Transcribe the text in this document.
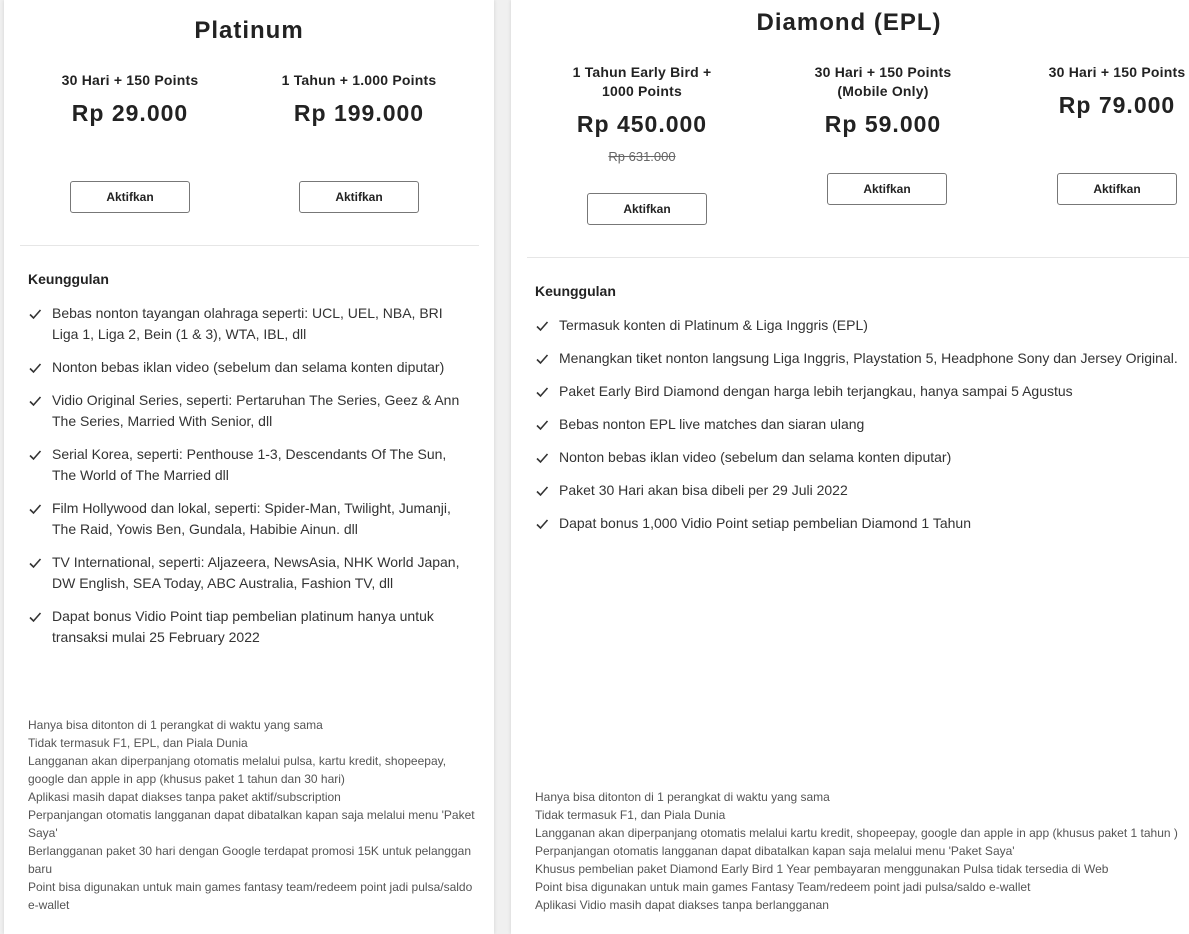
Platinum
30 Hari + 150 Points
Rp 29.000
Aktifkan
1 Tahun + 1.000 Points
Rp 199.000
Aktifkan
Keunggulan
Bebas nonton tayangan olahraga seperti: UCL, UEL, NBA, BRI Liga 1, Liga 2, Bein (1 & 3), WTA, IBL, dll
Nonton bebas iklan video (sebelum dan selama konten diputar)
Vidio Original Series, seperti: Pertaruhan The Series, Geez & Ann The Series, Married With Senior, dll
Serial Korea, seperti: Penthouse 1-3, Descendants Of The Sun, The World of The Married dll
Film Hollywood dan lokal, seperti: Spider-Man, Twilight, Jumanji, The Raid, Yowis Ben, Gundala, Habibie Ainun. dll
TV International, seperti: Aljazeera, NewsAsia, NHK World Japan, DW English, SEA Today, ABC Australia, Fashion TV, dll
Dapat bonus Vidio Point tiap pembelian platinum hanya untuk transaksi mulai 25 February 2022
Hanya bisa ditonton di 1 perangkat di waktu yang sama
Tidak termasuk F1, EPL, dan Piala Dunia
Langganan akan diperpanjang otomatis melalui pulsa, kartu kredit, shopeepay, google dan apple in app (khusus paket 1 tahun dan 30 hari)
Aplikasi masih dapat diakses tanpa paket aktif/subscription
Perpanjangan otomatis langganan dapat dibatalkan kapan saja melalui menu 'Paket Saya'
Berlangganan paket 30 hari dengan Google terdapat promosi 15K untuk pelanggan baru
Point bisa digunakan untuk main games fantasy team/redeem point jadi pulsa/saldo e-wallet
Diamond (EPL)
1 Tahun Early Bird + 1000 Points
Rp 450.000
Rp 631.000
Aktifkan
30 Hari + 150 Points (Mobile Only)
Rp 59.000
Aktifkan
30 Hari + 150 Points
Rp 79.000
Aktifkan
Keunggulan
Termasuk konten di Platinum & Liga Inggris (EPL)
Menangkan tiket nonton langsung Liga Inggris, Playstation 5, Headphone Sony dan Jersey Original.
Paket Early Bird Diamond dengan harga lebih terjangkau, hanya sampai 5 Agustus
Bebas nonton EPL live matches dan siaran ulang
Nonton bebas iklan video (sebelum dan selama konten diputar)
Paket 30 Hari akan bisa dibeli per 29 Juli 2022
Dapat bonus 1,000 Vidio Point setiap pembelian Diamond 1 Tahun
Hanya bisa ditonton di 1 perangkat di waktu yang sama
Tidak termasuk F1, dan Piala Dunia
Langganan akan diperpanjang otomatis melalui kartu kredit, shopeepay, google dan apple in app (khusus paket 1 tahun )
Perpanjangan otomatis langganan dapat dibatalkan kapan saja melalui menu 'Paket Saya'
Khusus pembelian paket Diamond Early Bird 1 Year pembayaran menggunakan Pulsa tidak tersedia di Web
Point bisa digunakan untuk main games Fantasy Team/redeem point jadi pulsa/saldo e-wallet
Aplikasi Vidio masih dapat diakses tanpa berlangganan
